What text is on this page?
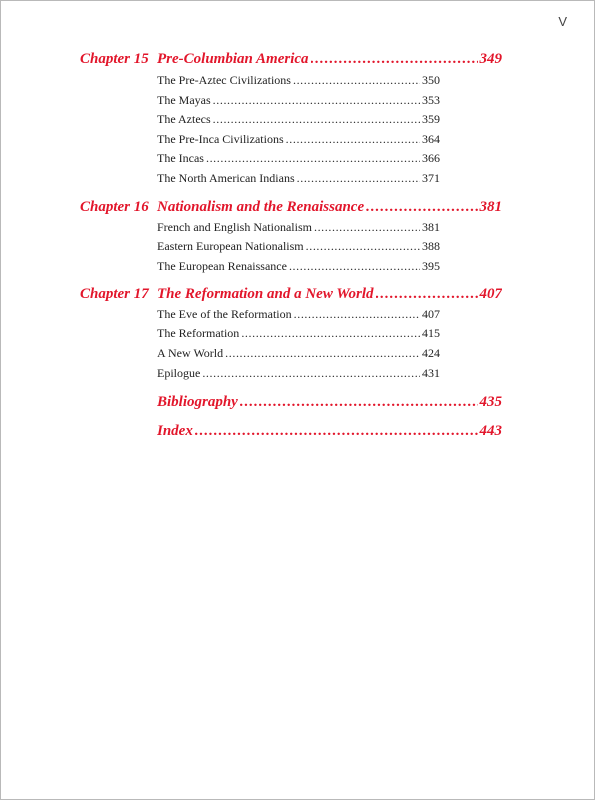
V
Chapter 15 Pre-Columbian America .....	349
The Pre-Aztec Civilizations .....	350
The Mayas .....	353
The Aztecs .....	359
The Pre-Inca Civilizations .....	364
The Incas .....	366
The North American Indians .....	371
Chapter 16 Nationalism and the Renaissance .....	381
French and English Nationalism .....	381
Eastern European Nationalism .....	388
The European Renaissance .....	395
Chapter 17 The Reformation and a New World .....	407
The Eve of the Reformation .....	407
The Reformation .....	415
A New World .....	424
Epilogue .....	431
Bibliography .....	435
Index .....	443
